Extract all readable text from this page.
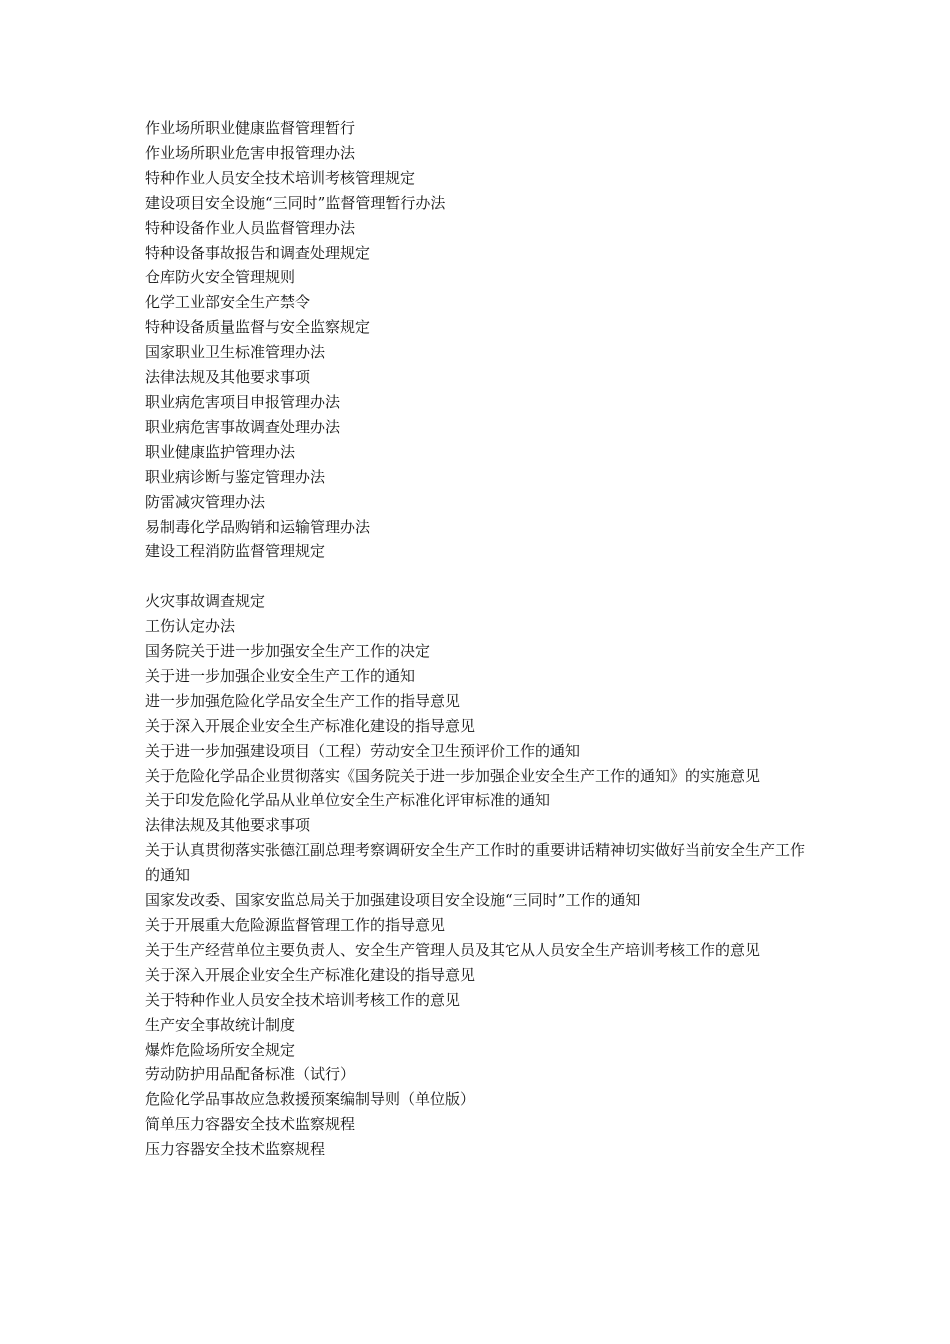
作业场所职业健康监督管理暂行
作业场所职业危害申报管理办法
特种作业人员安全技术培训考核管理规定
建设项目安全设施“三同时”监督管理暂行办法
特种设备作业人员监督管理办法
特种设备事故报告和调查处理规定
仓库防火安全管理规则
化学工业部安全生产禁令
特种设备质量监督与安全监察规定
国家职业卫生标准管理办法
法律法规及其他要求事项
职业病危害项目申报管理办法
职业病危害事故调查处理办法
职业健康监护管理办法
职业病诊断与鉴定管理办法
防雷减灾管理办法
易制毒化学品购销和运输管理办法
建设工程消防监督管理规定
火灾事故调查规定
工伤认定办法
国务院关于进一步加强安全生产工作的决定
关于进一步加强企业安全生产工作的通知
进一步加强危险化学品安全生产工作的指导意见
关于深入开展企业安全生产标准化建设的指导意见
关于进一步加强建设项目（工程）劳动安全卫生预评价工作的通知
关于危险化学品企业贯彻落实《国务院关于进一步加强企业安全生产工作的通知》的实施意见
关于印发危险化学品从业单位安全生产标准化评审标准的通知
法律法规及其他要求事项
关于认真贯彻落实张德江副总理考察调研安全生产工作时的重要讲话精神切实做好当前安全生产工作的通知
国家发改委、国家安监总局关于加强建设项目安全设施“三同时”工作的通知
关于开展重大危险源监督管理工作的指导意见
关于生产经营单位主要负责人、安全生产管理人员及其它从人员安全生产培训考核工作的意见
关于深入开展企业安全生产标准化建设的指导意见
关于特种作业人员安全技术培训考核工作的意见
生产安全事故统计制度
爆炸危险场所安全规定
劳动防护用品配备标准（试行）
危险化学品事故应急救援预案编制导则（单位版）
简单压力容器安全技术监察规程
压力容器安全技术监察规程
